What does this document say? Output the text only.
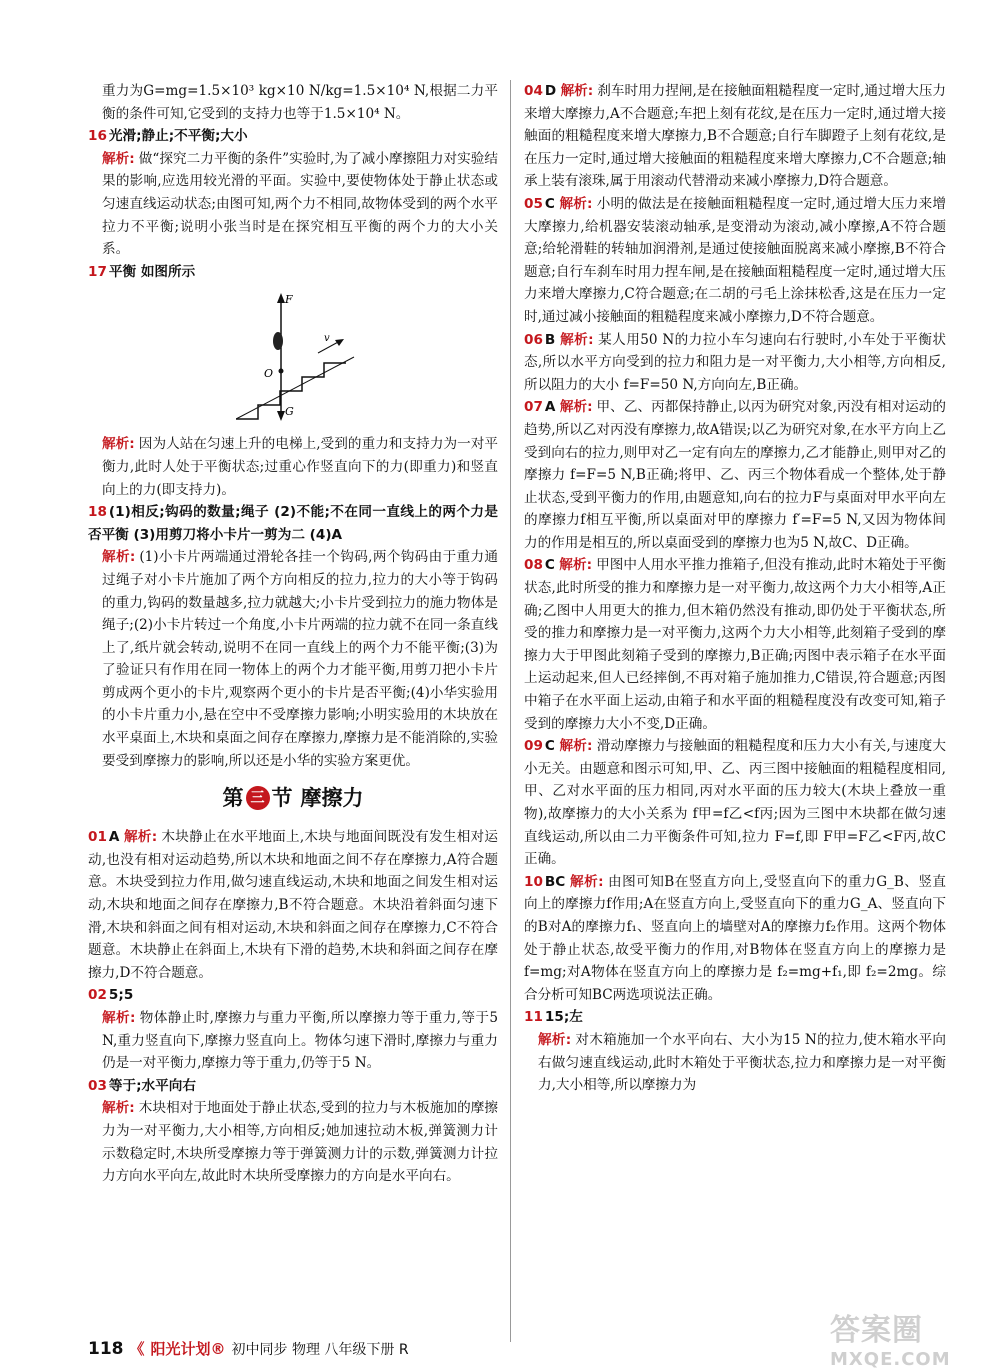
重力为G=mg=1.5×10³ kg×10 N/kg=1.5×10⁴ N,根据二力平衡的条件可知,它受到的支持力也等于1.5×10⁴ N。
16 光滑;静止;不平衡;大小
解析: 做“探究二力平衡的条件”实验时,为了减小摩擦阻力对实验结果的影响,应选用较光滑的平面。实验中,要使物体处于静止状态或匀速直线运动状态;由图可知,两个力不相同,故物体受到的两个水平拉力不平衡;说明小张当时是在探究相互平衡的两个力的大小关系。
17 平衡 如图所示
F
O
G
v
解析: 因为人站在匀速上升的电梯上,受到的重力和支持力为一对平衡力,此时人处于平衡状态;过重心作竖直向下的力(即重力)和竖直向上的力(即支持力)。
18 (1)相反;钩码的数量;绳子 (2)不能;不在同一直线上的两个力是否平衡 (3)用剪刀将小卡片一剪为二 (4)A
解析: (1)小卡片两端通过滑轮各挂一个钩码,两个钩码由于重力通过绳子对小卡片施加了两个方向相反的拉力,拉力的大小等于钩码的重力,钩码的数量越多,拉力就越大;小卡片受到拉力的施力物体是绳子;(2)小卡片转过一个角度,小卡片两端的拉力就不在同一条直线上了,纸片就会转动,说明不在同一直线上的两个力不能平衡;(3)为了验证只有作用在同一物体上的两个力才能平衡,用剪刀把小卡片剪成两个更小的卡片,观察两个更小的卡片是否平衡;(4)小华实验用的小卡片重力小,悬在空中不受摩擦力影响;小明实验用的木块放在水平桌面上,木块和桌面之间存在摩擦力,摩擦力是不能消除的,实验要受到摩擦力的影响,所以还是小华的实验方案更优。
第 三 节 摩擦力
01 A 解析: 木块静止在水平地面上,木块与地面间既没有发生相对运动,也没有相对运动趋势,所以木块和地面之间不存在摩擦力,A符合题意。木块受到拉力作用,做匀速直线运动,木块和地面之间发生相对运动,木块和地面之间存在摩擦力,B不符合题意。木块沿着斜面匀速下滑,木块和斜面之间有相对运动,木块和斜面之间存在摩擦力,C不符合题意。木块静止在斜面上,木块有下滑的趋势,木块和斜面之间存在摩擦力,D不符合题意。
02 5;5
解析: 物体静止时,摩擦力与重力平衡,所以摩擦力等于重力,等于5 N,重力竖直向下,摩擦力竖直向上。物体匀速下滑时,摩擦力与重力仍是一对平衡力,摩擦力等于重力,仍等于5 N。
03 等于;水平向右
解析: 木块相对于地面处于静止状态,受到的拉力与木板施加的摩擦力为一对平衡力,大小相等,方向相反;她加速拉动木板,弹簧测力计示数稳定时,木块所受摩擦力等于弹簧测力计的示数,弹簧测力计拉力方向水平向左,故此时木块所受摩擦力的方向是水平向右。
04 D 解析: 刹车时用力捏闸,是在接触面粗糙程度一定时,通过增大压力来增大摩擦力,A不合题意;车把上刻有花纹,是在压力一定时,通过增大接触面的粗糙程度来增大摩擦力,B不合题意;自行车脚蹬子上刻有花纹,是在压力一定时,通过增大接触面的粗糙程度来增大摩擦力,C不合题意;轴承上装有滚珠,属于用滚动代替滑动来减小摩擦力,D符合题意。
05 C 解析: 小明的做法是在接触面粗糙程度一定时,通过增大压力来增大摩擦力,给机器安装滚动轴承,是变滑动为滚动,减小摩擦,A不符合题意;给轮滑鞋的转轴加润滑剂,是通过使接触面脱离来减小摩擦,B不符合题意;自行车刹车时用力捏车闸,是在接触面粗糙程度一定时,通过增大压力来增大摩擦力,C符合题意;在二胡的弓毛上涂抹松香,这是在压力一定时,通过减小接触面的粗糙程度来减小摩擦力,D不符合题意。
06 B 解析: 某人用50 N的力拉小车匀速向右行驶时,小车处于平衡状态,所以水平方向受到的拉力和阻力是一对平衡力,大小相等,方向相反,所以阻力的大小 f=F=50 N,方向向左,B正确。
07 A 解析: 甲、乙、丙都保持静止,以丙为研究对象,丙没有相对运动的趋势,所以乙对丙没有摩擦力,故A错误;以乙为研究对象,在水平方向上乙受到向右的拉力,则甲对乙一定有向左的摩擦力,乙才能静止,则甲对乙的摩擦力 f=F=5 N,B正确;将甲、乙、丙三个物体看成一个整体,处于静止状态,受到平衡力的作用,由题意知,向右的拉力F与桌面对甲水平向左的摩擦力f相互平衡,所以桌面对甲的摩擦力 f′=F=5 N,又因为物体间力的作用是相互的,所以桌面受到的摩擦力也为5 N,故C、D正确。
08 C 解析: 甲图中人用水平推力推箱子,但没有推动,此时木箱处于平衡状态,此时所受的推力和摩擦力是一对平衡力,故这两个力大小相等,A正确;乙图中人用更大的推力,但木箱仍然没有推动,即仍处于平衡状态,所受的推力和摩擦力是一对平衡力,这两个力大小相等,此刻箱子受到的摩擦力大于甲图此刻箱子受到的摩擦力,B正确;丙图中表示箱子在水平面上运动起来,但人已经摔倒,不再对箱子施加推力,C错误,符合题意;丙图中箱子在水平面上运动,由箱子和水平面的粗糙程度没有改变可知,箱子受到的摩擦力大小不变,D正确。
09 C 解析: 滑动摩擦力与接触面的粗糙程度和压力大小有关,与速度大小无关。由题意和图示可知,甲、乙、丙三图中接触面的粗糙程度相同,甲、乙对水平面的压力相同,丙对水平面的压力较大(木块上叠放一重物),故摩擦力的大小关系为 f甲=f乙<f丙;因为三图中木块都在做匀速直线运动,所以由二力平衡条件可知,拉力 F=f,即 F甲=F乙<F丙,故C正确。
10 BC 解析: 由图可知B在竖直方向上,受竖直向下的重力G_B、竖直向上的摩擦力f作用;A在竖直方向上,受竖直向下的重力G_A、竖直向下的B对A的摩擦力f₁、竖直向上的墙壁对A的摩擦力f₂作用。这两个物体处于静止状态,故受平衡力的作用,对B物体在竖直方向上的摩擦力是 f=mg;对A物体在竖直方向上的摩擦力是 f₂=mg+f₁,即 f₂=2mg。综合分析可知BC两选项说法正确。
11 15;左
解析: 对木箱施加一个水平向右、大小为15 N的拉力,使木箱水平向右做匀速直线运动,此时木箱处于平衡状态,拉力和摩擦力是一对平衡力,大小相等,所以摩擦力为
118 《 阳光计划® 初中同步 物理 八年级下册 R
答案圈
MXQE.COM
